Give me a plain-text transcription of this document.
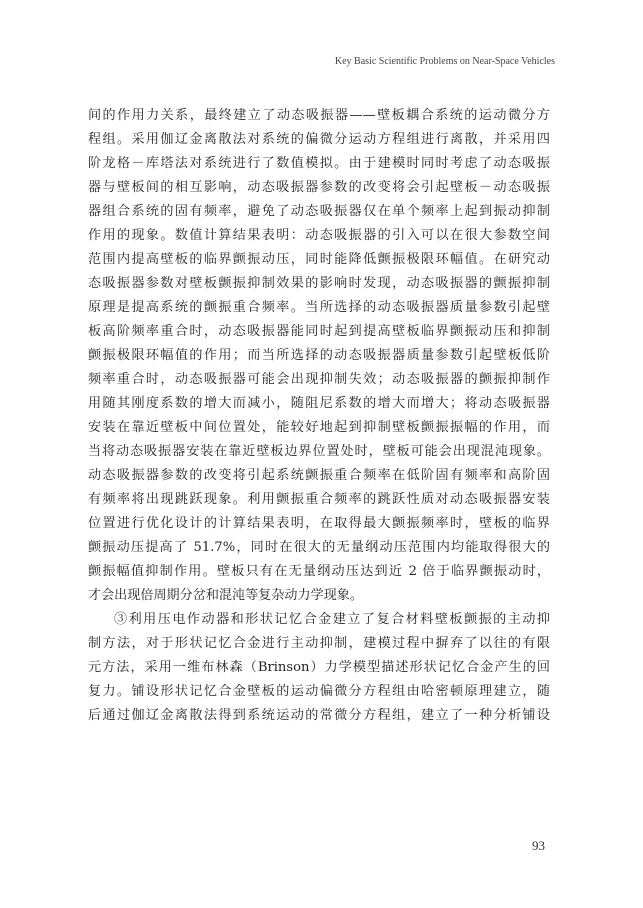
Key Basic Scientific Problems on Near-Space Vehicles
间的作用力关系，最终建立了动态吸振器——壁板耦合系统的运动微分方
程组。采用伽辽金离散法对系统的偏微分运动方程组进行离散，并采用四
阶龙格－库塔法对系统进行了数值模拟。由于建模时同时考虑了动态吸振
器与壁板间的相互影响，动态吸振器参数的改变将会引起壁板－动态吸振
器组合系统的固有频率，避免了动态吸振器仅在单个频率上起到振动抑制
作用的现象。数值计算结果表明：动态吸振器的引入可以在很大参数空间
范围内提高壁板的临界颤振动压，同时能降低颤振极限环幅值。在研究动
态吸振器参数对壁板颤振抑制效果的影响时发现，动态吸振器的颤振抑制
原理是提高系统的颤振重合频率。当所选择的动态吸振器质量参数引起壁
板高阶频率重合时，动态吸振器能同时起到提高壁板临界颤振动压和抑制
颤振极限环幅值的作用；而当所选择的动态吸振器质量参数引起壁板低阶
频率重合时，动态吸振器可能会出现抑制失效；动态吸振器的颤振抑制作
用随其刚度系数的增大而减小，随阻尼系数的增大而增大；将动态吸振器
安装在靠近壁板中间位置处，能较好地起到抑制壁板颤振振幅的作用，而
当将动态吸振器安装在靠近壁板边界位置处时，壁板可能会出现混沌现象。
动态吸振器参数的改变将引起系统颤振重合频率在低阶固有频率和高阶固
有频率将出现跳跃现象。利用颤振重合频率的跳跃性质对动态吸振器安装
位置进行优化设计的计算结果表明，在取得最大颤振频率时，壁板的临界
颤振动压提高了 51.7%，同时在很大的无量纲动压范围内均能取得很大的
颤振幅值抑制作用。壁板只有在无量纲动压达到近 2 倍于临界颤振动时，
才会出现倍周期分岔和混沌等复杂动力学现象。
③利用压电作动器和形状记忆合金建立了复合材料壁板颤振的主动抑
制方法，对于形状记忆合金进行主动抑制，建模过程中摒弃了以往的有限
元方法，采用一维布林森（Brinson）力学模型描述形状记忆合金产生的回
复力。铺设形状记忆合金壁板的运动偏微分方程组由哈密顿原理建立，随
后通过伽辽金离散法得到系统运动的常微分方程组，建立了一种分析铺设
93
